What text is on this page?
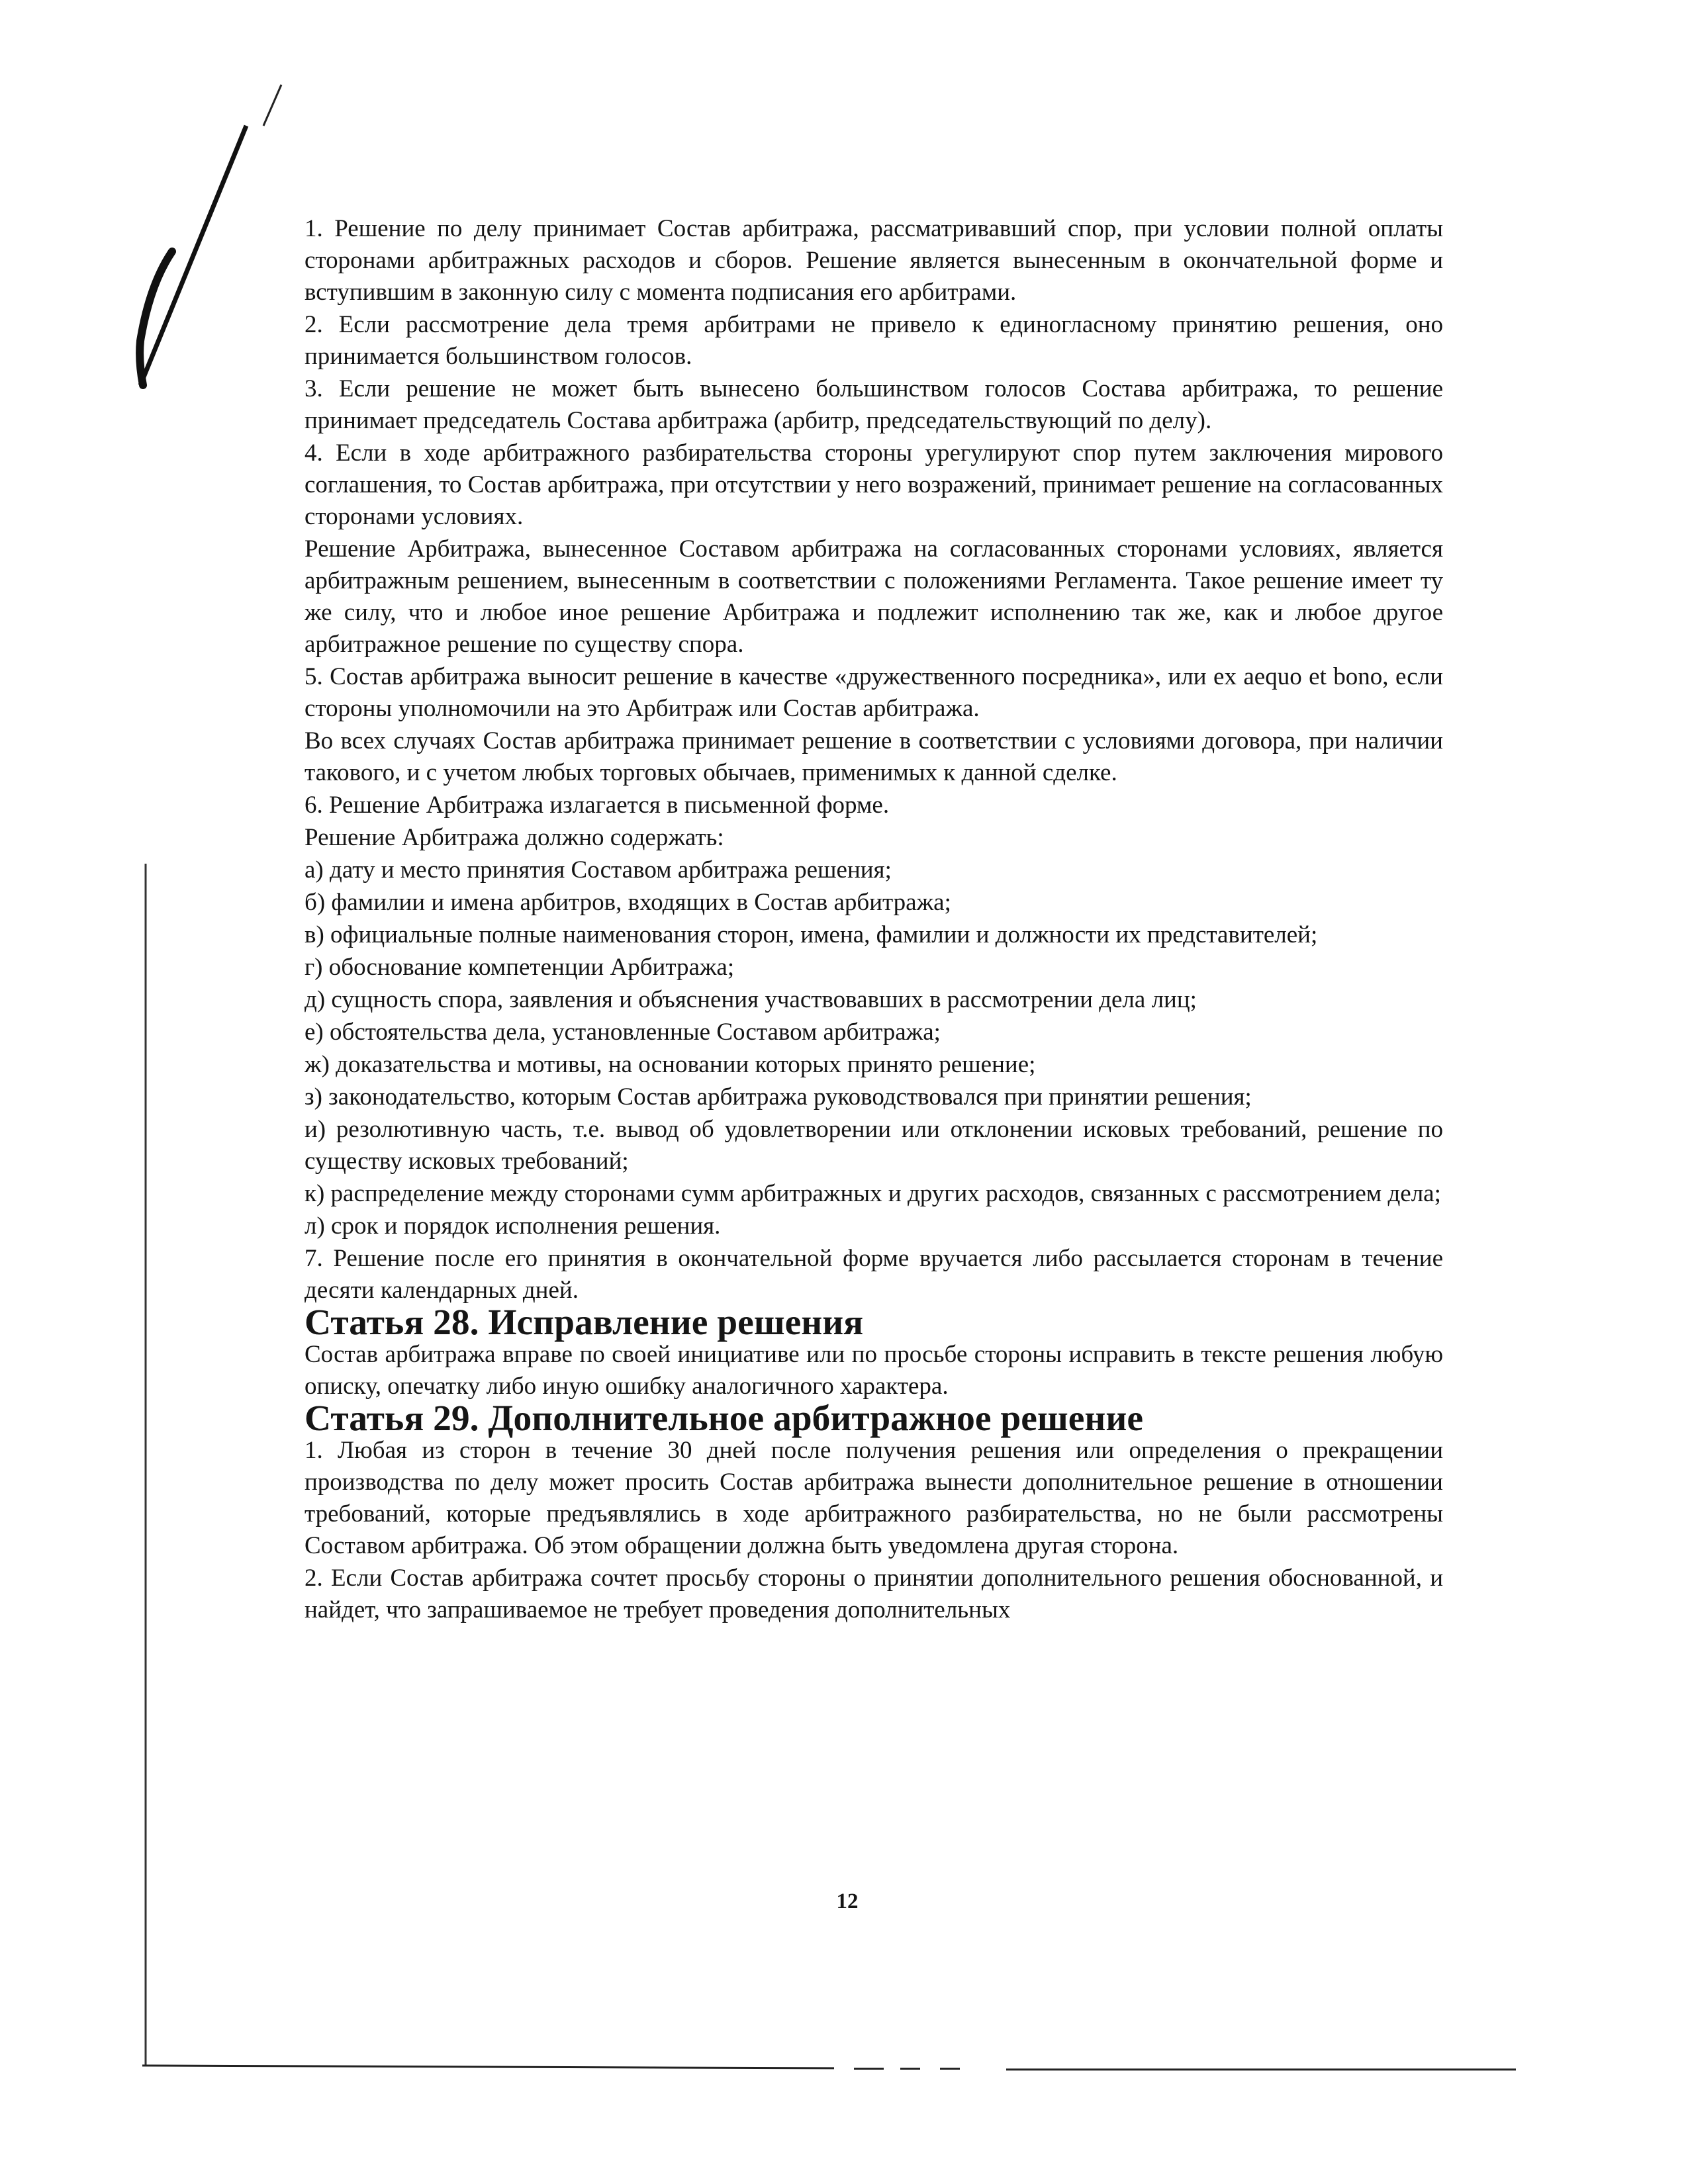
1. Решение по делу принимает Состав арбитража, рассматривавший спор, при условии полной оплаты сторонами арбитражных расходов и сборов. Решение является вынесенным в окончательной форме и вступившим в законную силу с момента подписания его арбитрами.

2. Если рассмотрение дела тремя арбитрами не привело к единогласному принятию решения, оно принимается большинством голосов.

3. Если решение не может быть вынесено большинством голосов Состава арбитража, то решение принимает председатель Состава арбитража (арбитр, председательствующий по делу).

4. Если в ходе арбитражного разбирательства стороны урегулируют спор путем заключения мирового соглашения, то Состав арбитража, при отсутствии у него возражений, принимает решение на согласованных сторонами условиях.

Решение Арбитража, вынесенное Составом арбитража на согласованных сторонами условиях, является арбитражным решением, вынесенным в соответствии с положениями Регламента. Такое решение имеет ту же силу, что и любое иное решение Арбитража и подлежит исполнению так же, как и любое другое арбитражное решение по существу спора.

5. Состав арбитража выносит решение в качестве «дружественного посредника», или ex aequo et bono, если стороны уполномочили на это Арбитраж или Состав арбитража.

Во всех случаях Состав арбитража принимает решение в соответствии с условиями договора, при наличии такового, и с учетом любых торговых обычаев, применимых к данной сделке.

6. Решение Арбитража излагается в письменной форме.

Решение Арбитража должно содержать:

а) дату и место принятия Составом арбитража решения;

б) фамилии и имена арбитров, входящих в Состав арбитража;

в) официальные полные наименования сторон, имена, фамилии и должности их представителей;

г) обоснование компетенции Арбитража;

д) сущность спора, заявления и объяснения участвовавших в рассмотрении дела лиц;

е) обстоятельства дела, установленные Составом арбитража;

ж) доказательства и мотивы, на основании которых принято решение;

з) законодательство, которым Состав арбитража руководствовался при принятии решения;

и) резолютивную часть, т.е. вывод об удовлетворении или отклонении исковых требований, решение по существу исковых требований;

к) распределение между сторонами сумм арбитражных и других расходов, связанных с рассмотрением дела;

л) срок и порядок исполнения решения.

7. Решение после его принятия в окончательной форме вручается либо рассылается сторонам в течение десяти календарных дней.

Статья 28. Исправление решения

Состав арбитража вправе по своей инициативе или по просьбе стороны исправить в тексте решения любую описку, опечатку либо иную ошибку аналогичного характера.

Статья 29. Дополнительное арбитражное решение

1. Любая из сторон в течение 30 дней после получения решения или определения о прекращении производства по делу может просить Состав арбитража вынести дополнительное решение в отношении требований, которые предъявлялись в ходе арбитражного разбирательства, но не были рассмотрены Составом арбитража. Об этом обращении должна быть уведомлена другая сторона.

2. Если Состав арбитража сочтет просьбу стороны о принятии дополнительного решения обоснованной, и найдет, что запрашиваемое не требует проведения дополнительных

12
